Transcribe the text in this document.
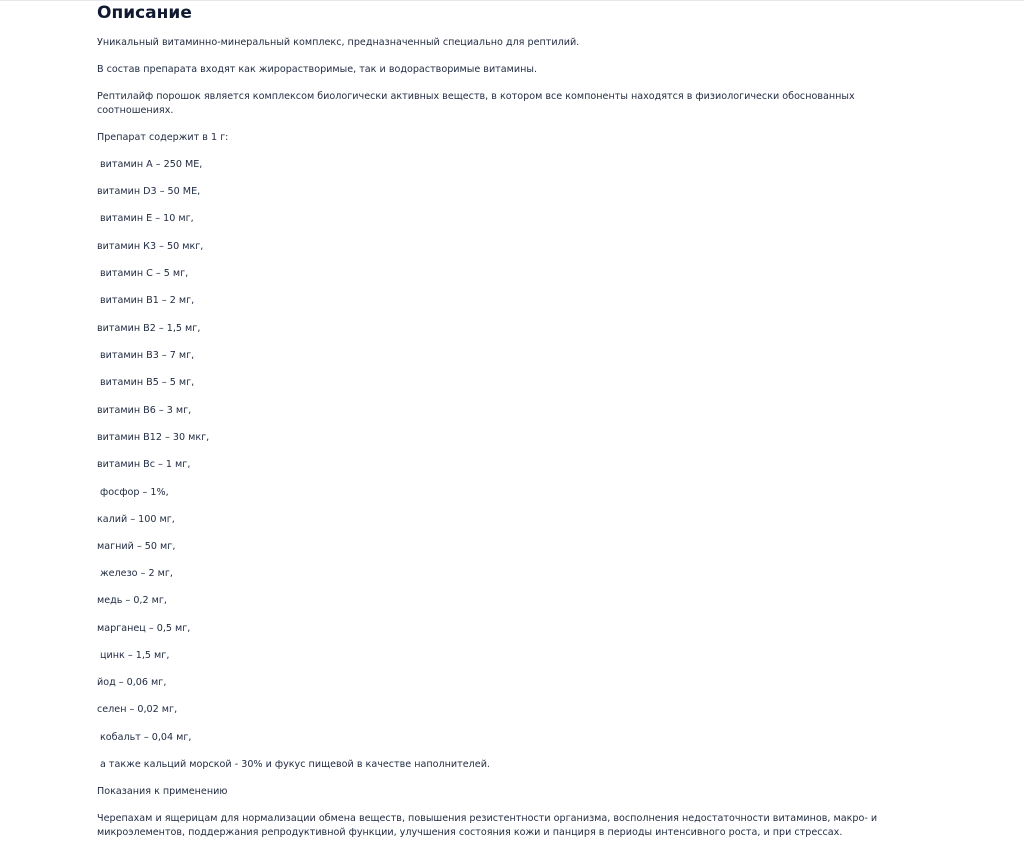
Описание

Уникальный витаминно-минеральный комплекс, предназначенный специально для рептилий.

В состав препарата входят как жирорастворимые, так и водорастворимые витамины.

Рептилайф порошок является комплексом биологически активных веществ, в котором все компоненты находятся в физиологически обоснованных соотношениях.

Препарат содержит в 1 г:

витамин А – 250 МЕ,

витамин D3 – 50 МЕ,

витамин Е – 10 мг,

витамин К3 – 50 мкг,

витамин С – 5 мг,

витамин В1 – 2 мг,

витамин В2 – 1,5 мг,

витамин В3 – 7 мг,

витамин В5 – 5 мг,

витамин В6 – 3 мг,

витамин В12 – 30 мкг,

витамин Вс – 1 мг,

фосфор – 1%,

калий – 100 мг,

магний – 50 мг,

железо – 2 мг,

медь – 0,2 мг,

марганец – 0,5 мг,

цинк – 1,5 мг,

йод – 0,06 мг,

селен – 0,02 мг,

кобальт – 0,04 мг,

а также кальций морской - 30% и фукус пищевой в качестве наполнителей.

Показания к применению

Черепахам и ящерицам для нормализации обмена веществ, повышения резистентности организма, восполнения недостаточности витаминов, макро- и микроэлементов, поддержания репродуктивной функции, улучшения состояния кожи и панциря в периоды интенсивного роста, и при стрессах.
